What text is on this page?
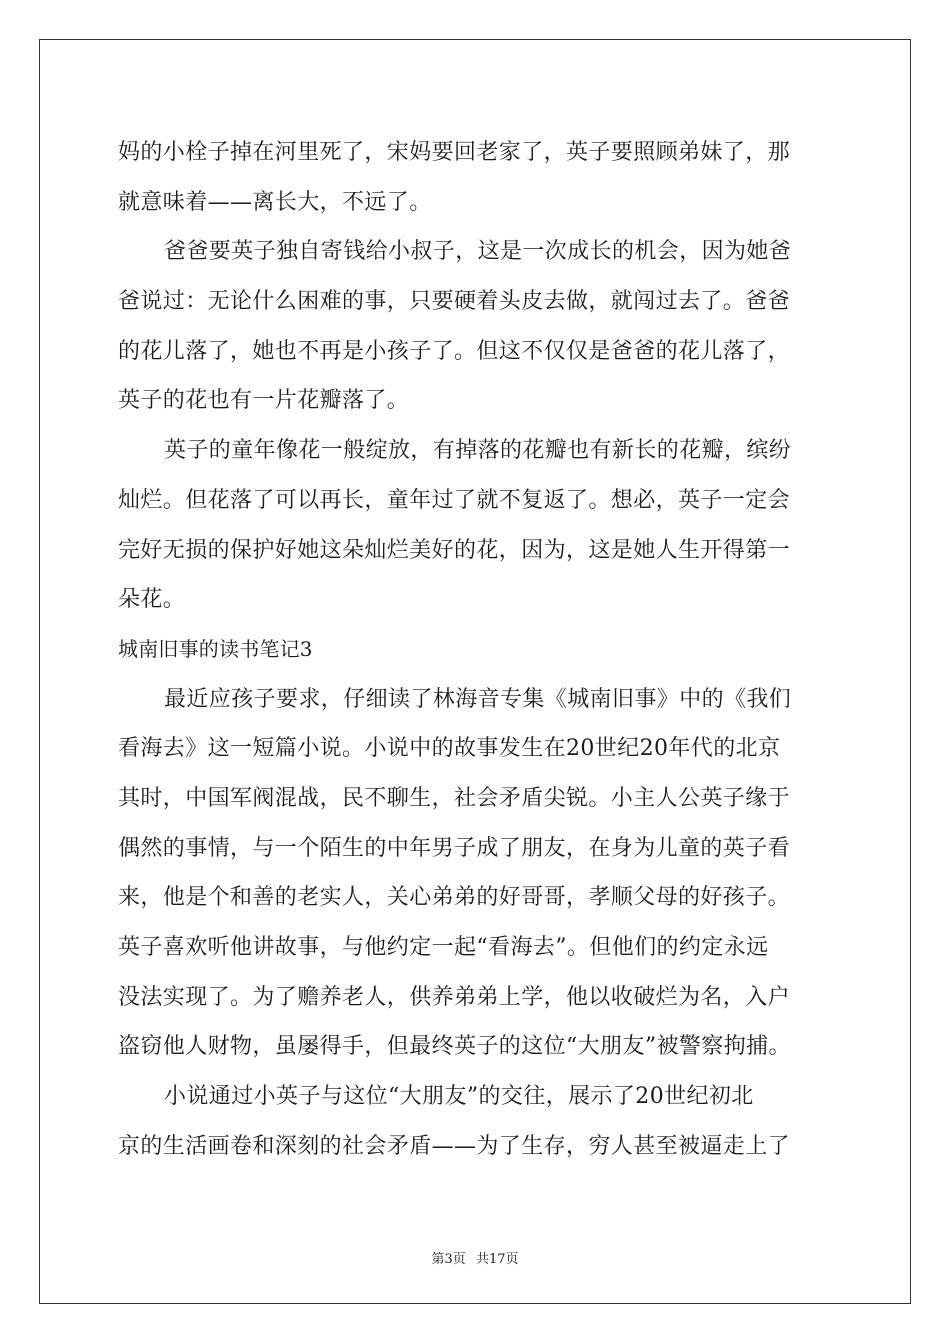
妈的小栓子掉在河里死了，宋妈要回老家了，英子要照顾弟妹了，那
就意味着——离长大，不远了。
爸爸要英子独自寄钱给小叔子，这是一次成长的机会，因为她爸
爸说过：无论什么困难的事，只要硬着头皮去做，就闯过去了。爸爸
的花儿落了，她也不再是小孩子了。但这不仅仅是爸爸的花儿落了，
英子的花也有一片花瓣落了。
英子的童年像花一般绽放，有掉落的花瓣也有新长的花瓣，缤纷
灿烂。但花落了可以再长，童年过了就不复返了。想必，英子一定会
完好无损的保护好她这朵灿烂美好的花，因为，这是她人生开得第一
朵花。
城南旧事的读书笔记3
最近应孩子要求，仔细读了林海音专集《城南旧事》中的《我们
看海去》这一短篇小说。小说中的故事发生在20世纪20年代的北京
其时，中国军阀混战，民不聊生，社会矛盾尖锐。小主人公英子缘于
偶然的事情，与一个陌生的中年男子成了朋友，在身为儿童的英子看
来，他是个和善的老实人，关心弟弟的好哥哥，孝顺父母的好孩子。
英子喜欢听他讲故事，与他约定一起“看海去”。但他们的约定永远
没法实现了。为了赡养老人，供养弟弟上学，他以收破烂为名，入户
盗窃他人财物，虽屡得手，但最终英子的这位“大朋友”被警察拘捕。
小说通过小英子与这位“大朋友”的交往，展示了20世纪初北
京的生活画卷和深刻的社会矛盾——为了生存，穷人甚至被逼走上了
第3页 共17页
